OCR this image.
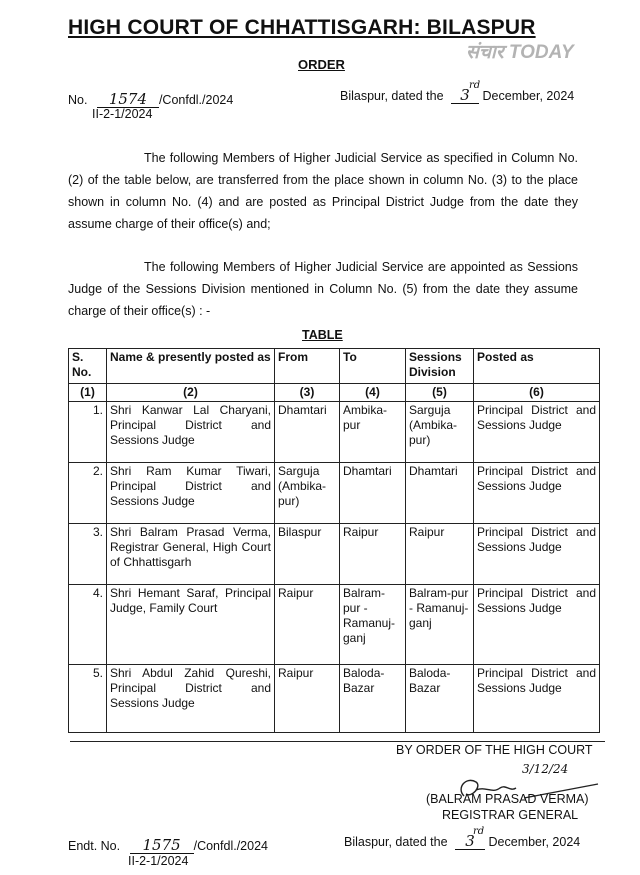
HIGH COURT OF CHHATTISGARH: BILASPUR
संचार TODAY
ORDER
No. 1574 /Confdl./2024
II-2-1/2024
Bilaspur, dated the 3
rd
December, 2024
The following Members of Higher Judicial Service as specified in Column No. (2) of the table below, are transferred from the place shown in column No. (3) to the place shown in column No. (4) and are posted as Principal District Judge from the date they assume charge of their office(s) and;
The following Members of Higher Judicial Service are appointed as Sessions Judge of the Sessions Division mentioned in Column No. (5) from the date they assume charge of their office(s) : -
TABLE
S. No.	Name & presently posted as	From	To	Sessions Division	Posted as
(1)	(2)	(3)	(4)	(5)	(6)
1.	Shri Kanwar Lal Charyani, Principal District and Sessions Judge	Dhamtari	Ambika-pur	Sarguja (Ambika-pur)	Principal District and Sessions Judge
2.	Shri Ram Kumar Tiwari, Principal District and Sessions Judge	Sarguja (Ambika-pur)	Dhamtari	Dhamtari	Principal District and Sessions Judge
3.	Shri Balram Prasad Verma, Registrar General, High Court of Chhattisgarh	Bilaspur	Raipur	Raipur	Principal District and Sessions Judge
4.	Shri Hemant Saraf, Principal Judge, Family Court	Raipur	Balram-pur - Ramanuj-ganj	Balram-pur - Ramanuj-ganj	Principal District and Sessions Judge
5.	Shri Abdul Zahid Qureshi, Principal District and Sessions Judge	Raipur	Baloda-Bazar	Baloda-Bazar	Principal District and Sessions Judge
BY ORDER OF THE HIGH COURT
3/12/24
(BALRAM PRASAD VERMA)
REGISTRAR GENERAL
Endt. No. 1575 /Confdl./2024
II-2-1/2024
Bilaspur, dated the 3
rd
December, 2024
